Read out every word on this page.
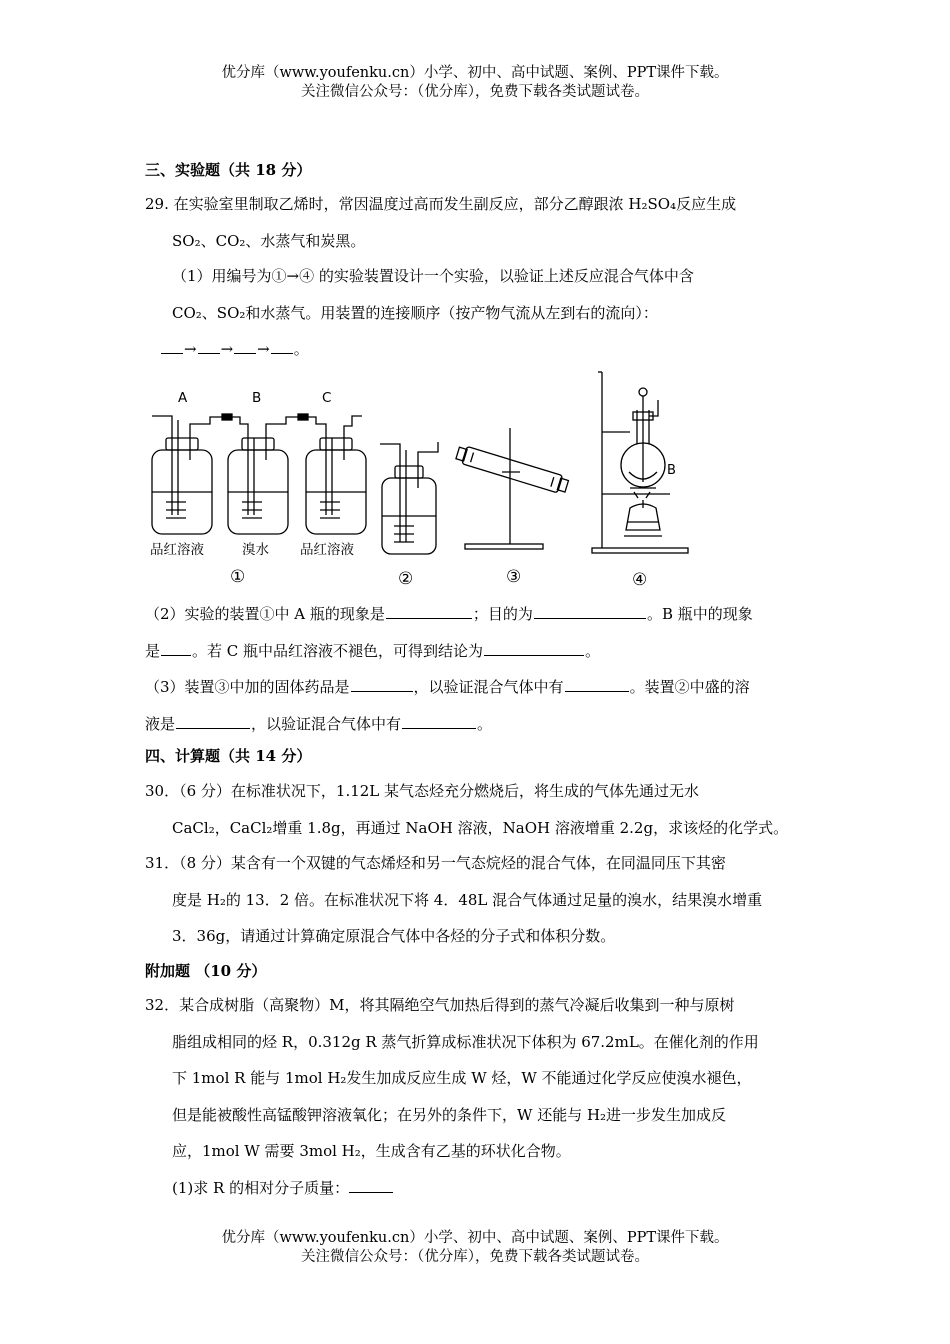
优分库（www.youfenku.cn）小学、初中、高中试题、案例、PPT课件下载。
关注微信公众号：（优分库），免费下载各类试题试卷。
三、实验题（共 18 分）
29. 在实验室里制取乙烯时，常因温度过高而发生副反应，部分乙醇跟浓 H₂SO₄反应生成
SO₂、CO₂、水蒸气和炭黑。
（1）用编号为①→④ 的实验装置设计一个实验，以验证上述反应混合气体中含
CO₂、SO₂和水蒸气。用装置的连接顺序（按产物气流从左到右的流向）：
→ → → 。
A	B	C
品红溶液	溴水 品红溶液
①	②	③	④
B
（2）实验的装置①中 A 瓶的现象是	；目的为	。B 瓶中的现象
是 。若 C 瓶中品红溶液不褪色，可得到结论为	。
（3）装置③中加的固体药品是	，以验证混合气体中有	。装置②中盛的溶
液是	，以验证混合气体中有	。
四、计算题（共 14 分）
30．（6 分）在标准状况下，1.12L 某气态烃充分燃烧后，将生成的气体先通过无水
CaCl₂，CaCl₂增重 1.8g，再通过 NaOH 溶液，NaOH 溶液增重 2.2g，求该烃的化学式。
31．（8 分）某含有一个双键的气态烯烃和另一气态烷烃的混合气体，在同温同压下其密
度是 H₂的 13．2 倍。在标准状况下将 4．48L 混合气体通过足量的溴水，结果溴水增重
3．36g，请通过计算确定原混合气体中各烃的分子式和体积分数。
附加题 （10 分）
32．某合成树脂（高聚物）M，将其隔绝空气加热后得到的蒸气冷凝后收集到一种与原树
脂组成相同的烃 R，0.312g R 蒸气折算成标准状况下体积为 67.2mL。在催化剂的作用
下 1mol R 能与 1mol H₂发生加成反应生成 W 烃，W 不能通过化学反应使溴水褪色，
但是能被酸性高锰酸钾溶液氧化；在另外的条件下，W 还能与 H₂进一步发生加成反
应，1mol W 需要 3mol H₂，生成含有乙基的环状化合物。
(1)求 R 的相对分子质量：
优分库（www.youfenku.cn）小学、初中、高中试题、案例、PPT课件下载。
关注微信公众号：（优分库），免费下载各类试题试卷。
